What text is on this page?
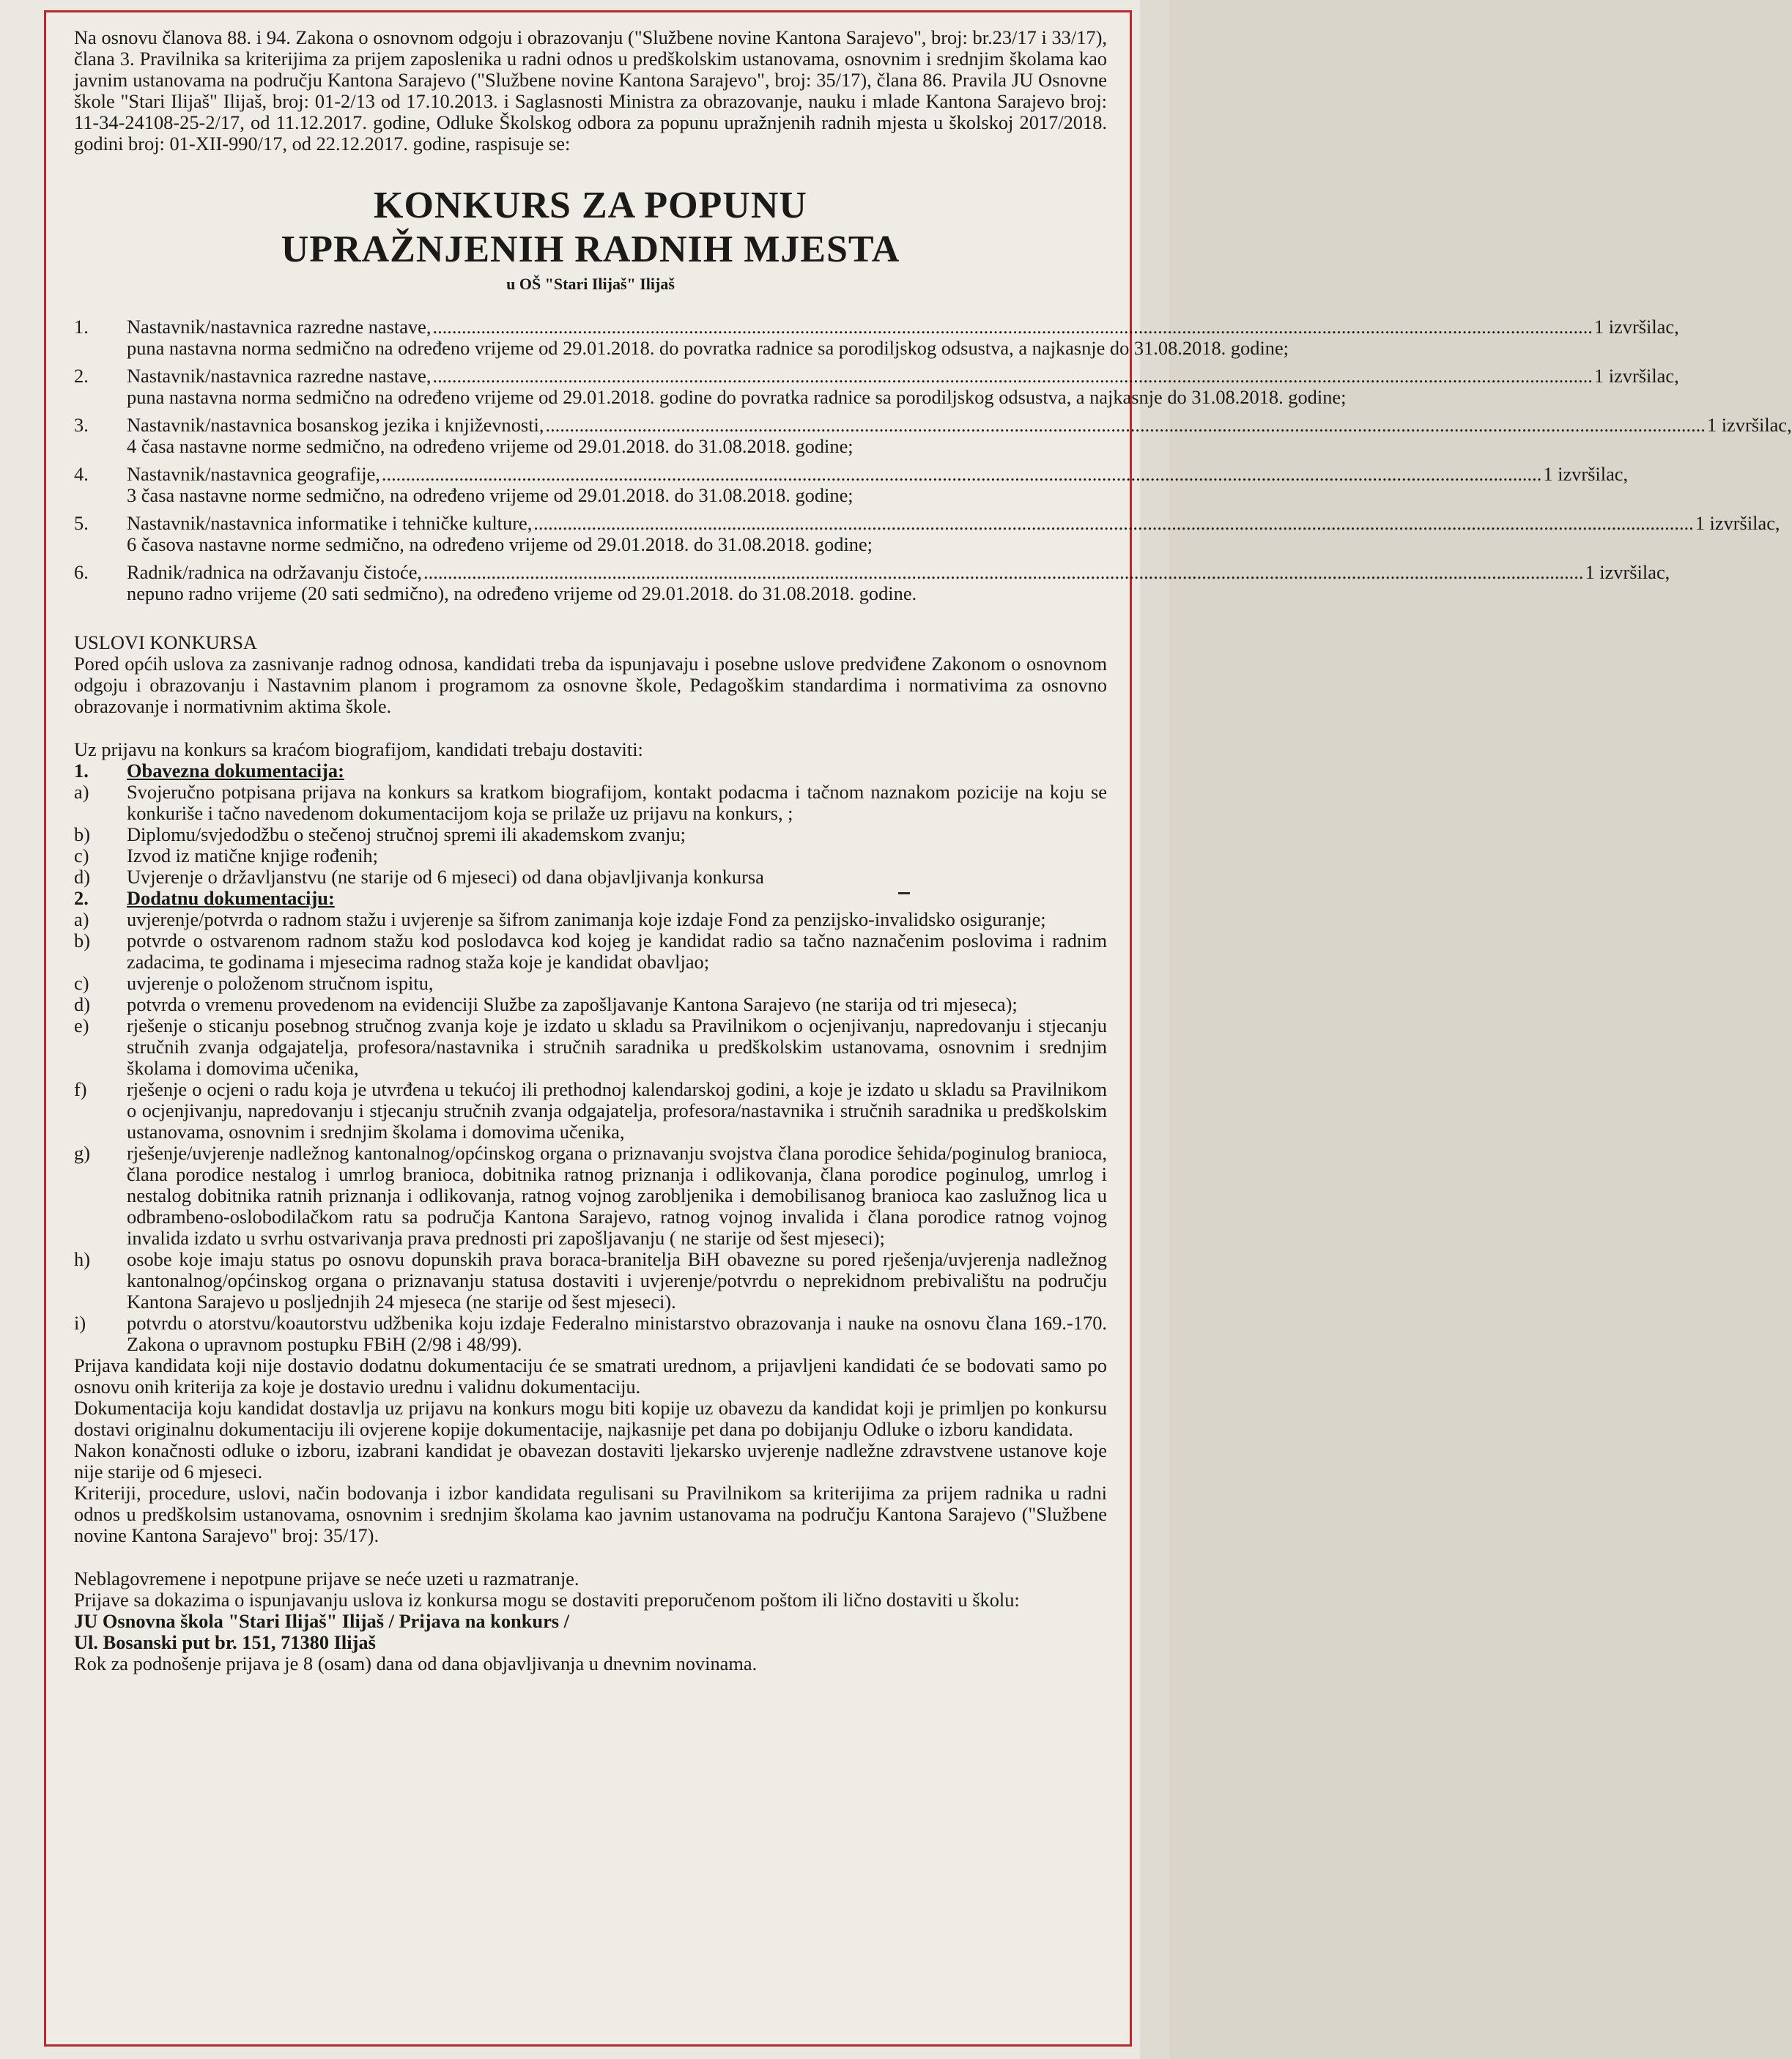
Na osnovu članova 88. i 94. Zakona o osnovnom odgoju i obrazovanju ("Službene novine Kantona Sarajevo", broj: br.23/17 i 33/17), člana 3. Pravilnika sa kriterijima za prijem zaposlenika u radni odnos u predškolskim ustanovama, osnovnim i srednjim školama kao javnim ustanovama na području Kantona Sarajevo ("Službene novine Kantona Sarajevo", broj: 35/17), člana 86. Pravila JU Osnovne škole "Stari Ilijaš" Ilijaš, broj: 01-2/13 od 17.10.2013. i Saglasnosti Ministra za obrazovanje, nauku i mlade Kantona Sarajevo broj: 11-34-24108-25-2/17, od 11.12.2017. godine, Odluke Školskog odbora za popunu upražnjenih radnih mjesta u školskoj 2017/2018. godini broj: 01-XII-990/17, od 22.12.2017. godine, raspisuje se:

KONKURS ZA POPUNU
UPRAŽNJENIH RADNIH MJESTA
u OŠ "Stari Ilijaš" Ilijaš
1.	Nastavnik/nastavnica razredne nastave, .....	1 izvršilac,
puna nastavna norma sedmično na određeno vrijeme od 29.01.2018. do povratka radnice sa porodiljskog odsustva, a najkasnje do 31.08.2018. godine;
2.	Nastavnik/nastavnica razredne nastave, .....	1 izvršilac,
puna nastavna norma sedmično na određeno vrijeme od 29.01.2018. godine do povratka radnice sa porodiljskog odsustva, a najkasnje do 31.08.2018. godine;
3.	Nastavnik/nastavnica bosanskog jezika i književnosti, .....	1 izvršilac,
4 časa nastavne norme sedmično, na određeno vrijeme od 29.01.2018. do 31.08.2018. godine;
4.	Nastavnik/nastavnica geografije, .....	1 izvršilac,
3 časa nastavne norme sedmično, na određeno vrijeme od 29.01.2018. do 31.08.2018. godine;
5.	Nastavnik/nastavnica informatike i tehničke kulture, .....	1 izvršilac,
6 časova nastavne norme sedmično, na određeno vrijeme od 29.01.2018. do 31.08.2018. godine;
6.	Radnik/radnica na održavanju čistoće, .....	1 izvršilac,
nepuno radno vrijeme (20 sati sedmično), na određeno vrijeme od 29.01.2018. do 31.08.2018. godine.
USLOVI KONKURSA

Pored općih uslova za zasnivanje radnog odnosa, kandidati treba da ispunjavaju i posebne uslove predviđene Zakonom o osnovnom odgoju i obrazovanju i Nastavnim planom i programom za osnovne škole, Pedagoškim standardima i normativima za osnovno obrazovanje i normativnim aktima škole.

Uz prijavu na konkurs sa kraćom biografijom, kandidati trebaju dostaviti:
1.	Obavezna dokumentacija:
a)	Svojeručno potpisana prijava na konkurs sa kratkom biografijom, kontakt podacma i tačnom naznakom pozicije na koju se konkuriše i tačno navedenom dokumentacijom koja se prilaže uz prijavu na konkurs, ;
b)	Diplomu/svjedodžbu o stečenoj stručnoj spremi ili akademskom zvanju;
c)	Izvod iz matične knjige rođenih;
d)	Uvjerenje o državljanstvu (ne starije od 6 mjeseci) od dana objavljivanja konkursa
2.	Dodatnu dokumentaciju:
a)	uvjerenje/potvrda o radnom stažu i uvjerenje sa šifrom zanimanja koje izdaje Fond za penzijsko-invalidsko osiguranje;
b)	potvrde o ostvarenom radnom stažu kod poslodavca kod kojeg je kandidat radio sa tačno naznačenim poslovima i radnim zadacima, te godinama i mjesecima radnog staža koje je kandidat obavljao;
c)	uvjerenje o položenom stručnom ispitu,
d)	potvrda o vremenu provedenom na evidenciji Službe za zapošljavanje Kantona Sarajevo (ne starija od tri mjeseca);
e)	rješenje o sticanju posebnog stručnog zvanja koje je izdato u skladu sa Pravilnikom o ocjenjivanju, napredovanju i stjecanju stručnih zvanja odgajatelja, profesora/nastavnika i stručnih saradnika u predškolskim ustanovama, osnovnim i srednjim školama i domovima učenika,
f)	rješenje o ocjeni o radu koja je utvrđena u tekućoj ili prethodnoj kalendarskoj godini, a koje je izdato u skladu sa Pravilnikom o ocjenjivanju, napredovanju i stjecanju stručnih zvanja odgajatelja, profesora/nastavnika i stručnih saradnika u predškolskim ustanovama, osnovnim i srednjim školama i domovima učenika,
g)	rješenje/uvjerenje nadležnog kantonalnog/općinskog organa o priznavanju svojstva člana porodice šehida/poginulog branioca, člana porodice nestalog i umrlog branioca, dobitnika ratnog priznanja i odlikovanja, člana porodice poginulog, umrlog i nestalog dobitnika ratnih priznanja i odlikovanja, ratnog vojnog zarobljenika i demobilisanog branioca kao zaslužnog lica u odbrambeno-oslobodilačkom ratu sa područja Kantona Sarajevo, ratnog vojnog invalida i člana porodice ratnog vojnog invalida izdato u svrhu ostvarivanja prava prednosti pri zapošljavanju ( ne starije od šest mjeseci);
h)	osobe koje imaju status po osnovu dopunskih prava boraca-branitelja BiH obavezne su pored rješenja/uvjerenja nadležnog kantonalnog/općinskog organa o priznavanju statusa dostaviti i uvjerenje/potvrdu o neprekidnom prebivalištu na području Kantona Sarajevo u posljednjih 24 mjeseca (ne starije od šest mjeseci).
i)	potvrdu o atorstvu/koautorstvu udžbenika koju izdaje Federalno ministarstvo obrazovanja i nauke na osnovu člana 169.-170. Zakona o upravnom postupku FBiH (2/98 i 48/99).

Prijava kandidata koji nije dostavio dodatnu dokumentaciju će se smatrati urednom, a prijavljeni kandidati će se bodovati samo po osnovu onih kriterija za koje je dostavio urednu i validnu dokumentaciju.

Dokumentacija koju kandidat dostavlja uz prijavu na konkurs mogu biti kopije uz obavezu da kandidat koji je primljen po konkursu dostavi originalnu dokumentaciju ili ovjerene kopije dokumentacije, najkasnije pet dana po dobijanju Odluke o izboru kandidata.

Nakon konačnosti odluke o izboru, izabrani kandidat je obavezan dostaviti ljekarsko uvjerenje nadležne zdravstvene ustanove koje nije starije od 6 mjeseci.

Kriteriji, procedure, uslovi, način bodovanja i izbor kandidata regulisani su Pravilnikom sa kriterijima za prijem radnika u radni odnos u predškolsim ustanovama, osnovnim i srednjim školama kao javnim ustanovama na području Kantona Sarajevo ("Službene novine Kantona Sarajevo" broj: 35/17).

Neblagovremene i nepotpune prijave se neće uzeti u razmatranje.
Prijave sa dokazima o ispunjavanju uslova iz konkursa mogu se dostaviti preporučenom poštom ili lično dostaviti u školu:
JU Osnovna škola "Stari Ilijaš" Ilijaš / Prijava na konkurs /
Ul. Bosanski put br. 151, 71380 Ilijaš
Rok za podnošenje prijava je 8 (osam) dana od dana objavljivanja u dnevnim novinama.
